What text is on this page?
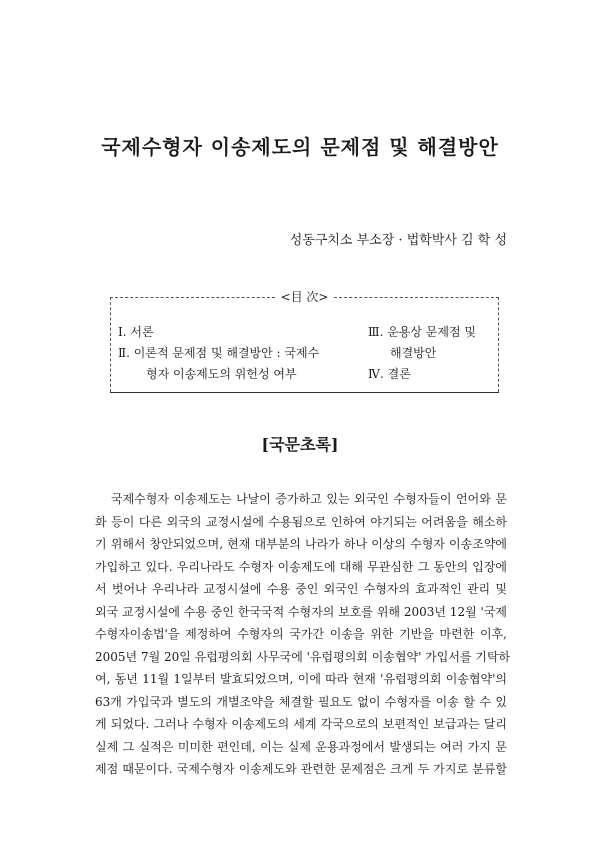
국제수형자 이송제도의 문제점 및 해결방안

성동구치소 부소장 · 법학박사 김 학 성

<目 次>
Ⅰ. 서론
Ⅱ. 이론적 문제점 및 해결방안 : 국제수
형자 이송제도의 위헌성 여부
Ⅲ. 운용상 문제점 및
해결방안
Ⅳ. 결론
[국문초록]
국제수형자 이송제도는 나날이 증가하고 있는 외국인 수형자들이 언어와 문
화 등이 다른 외국의 교정시설에 수용됨으로 인하여 야기되는 어려움을 해소하
기 위해서 창안되었으며, 현재 대부분의 나라가 하나 이상의 수형자 이송조약에
가입하고 있다. 우리나라도 수형자 이송제도에 대해 무관심한 그 동안의 입장에
서 벗어나 우리나라 교정시설에 수용 중인 외국인 수형자의 효과적인 관리 및
외국 교정시설에 수용 중인 한국국적 수형자의 보호를 위해 2003년 12월 '국제
수형자이송법'을 제정하여 수형자의 국가간 이송을 위한 기반을 마련한 이후,
2005년 7월 20일 유럽평의회 사무국에 '유럽평의회 이송협약' 가입서를 기탁하
여, 동년 11월 1일부터 발효되었으며, 이에 따라 현재 '유럽평의회 이송협약'의
63개 가입국과 별도의 개별조약을 체결할 필요도 없이 수형자를 이송 할 수 있
게 되었다. 그러나 수형자 이송제도의 세계 각국으로의 보편적인 보급과는 달리
실제 그 실적은 미미한 편인데, 이는 실제 운용과정에서 발생되는 여러 가지 문
제점 때문이다. 국제수형자 이송제도와 관련한 문제점은 크게 두 가지로 분류할
